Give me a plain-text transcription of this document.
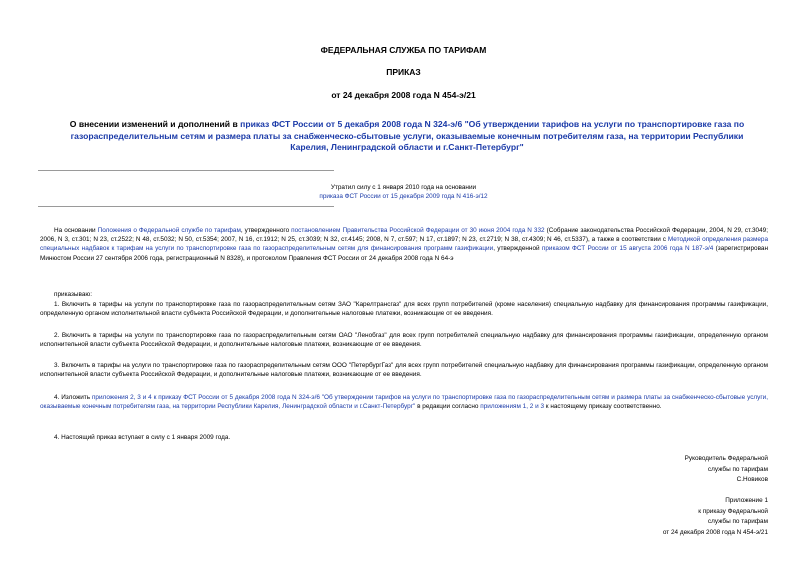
ФЕДЕРАЛЬНАЯ СЛУЖБА ПО ТАРИФАМ
ПРИКАЗ
от 24 декабря 2008 года N 454-э/21
О внесении изменений и дополнений в приказ ФСТ России от 5 декабря 2008 года N 324-э/6 "Об утверждении тарифов на услуги по транспортировке газа по газораспределительным сетям и размера платы за снабженческо-сбытовые услуги, оказываемые конечным потребителям газа, на территории Республики Карелия, Ленинградской области и г.Санкт-Петербург"
Утратил силу с 1 января 2010 года на основании
приказа ФСТ России от 15 декабря 2009 года N 416-э/12
На основании Положения о Федеральной службе по тарифам, утвержденного постановлением Правительства Российской Федерации от 30 июня 2004 года N 332 (Собрание законодательства Российской Федерации, 2004, N 29, ст.3049; 2006, N 3, ст.301; N 23, ст.2522; N 48, ст.5032; N 50, ст.5354; 2007, N 16, ст.1912; N 25, ст.3039; N 32, ст.4145; 2008, N 7, ст.597; N 17, ст.1897; N 23, ст.2719; N 38, ст.4309; N 46, ст.5337), а также в соответствии с Методикой определения размера специальных надбавок к тарифам на услуги по транспортировке газа по газораспределительным сетям для финансирования программ газификации, утвержденной приказом ФСТ России от 15 августа 2006 года N 187-э/4 (зарегистрирован Минюстом России 27 сентября 2006 года, регистрационный N 8328), и протоколом Правления ФСТ России от 24 декабря 2008 года N 64-э
приказываю:
1. Включить в тарифы на услуги по транспортировке газа по газораспределительным сетям ЗАО "Карелтрансгаз" для всех групп потребителей (кроме населения) специальную надбавку для финансирования программы газификации, определенную органом исполнительной власти субъекта Российской Федерации, и дополнительные налоговые платежи, возникающие от ее введения.
2. Включить в тарифы на услуги по транспортировке газа по газораспределительным сетям ОАО "Ленобгаз" для всех групп потребителей специальную надбавку для финансирования программы газификации, определенную органом исполнительной власти субъекта Российской Федерации, и дополнительные налоговые платежи, возникающие от ее введения.
3. Включить в тарифы на услуги по транспортировке газа по газораспределительным сетям ООО "ПетербургГаз" для всех групп потребителей специальную надбавку для финансирования программы газификации, определенную органом исполнительной власти субъекта Российской Федерации, и дополнительные налоговые платежи, возникающие от ее введения.
4. Изложить приложения 2, 3 и 4 к приказу ФСТ России от 5 декабря 2008 года N 324-э/6 "Об утверждении тарифов на услуги по транспортировке газа по газораспределительным сетям и размера платы за снабженческо-сбытовые услуги, оказываемые конечным потребителям газа, на территории Республики Карелия, Ленинградской области и г.Санкт-Петербург" в редакции согласно приложениям 1, 2 и 3 к настоящему приказу соответственно.
4. Настоящий приказ вступает в силу с 1 января 2009 года.
Руководитель Федеральной
службы по тарифам
С.Новиков
Приложение 1
к приказу Федеральной
службы по тарифам
от 24 декабря 2008 года N 454-э/21
